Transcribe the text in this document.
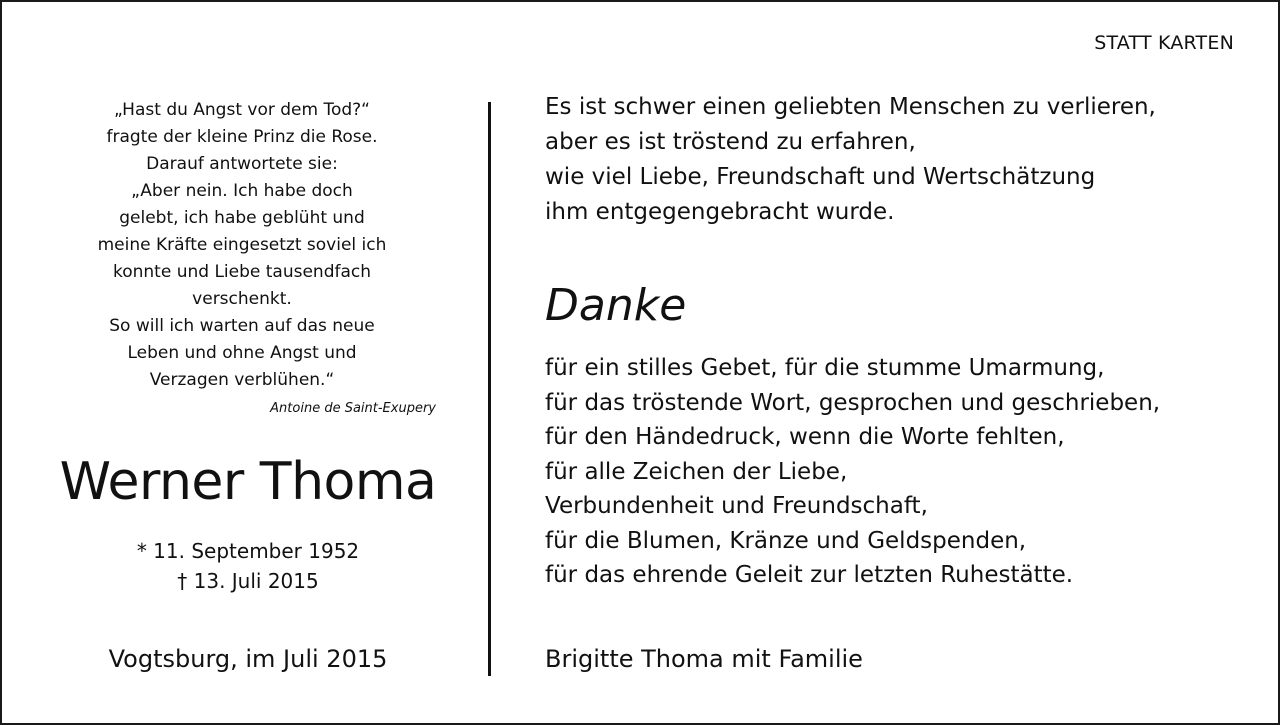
STATT KARTEN
„Hast du Angst vor dem Tod?“
fragte der kleine Prinz die Rose.
Darauf antwortete sie:
„Aber nein. Ich habe doch
gelebt, ich habe geblüht und
meine Kräfte eingesetzt soviel ich
konnte und Liebe tausendfach
verschenkt.
So will ich warten auf das neue
Leben und ohne Angst und
Verzagen verblühen.“
Antoine de Saint-Exupery
Werner Thoma
* 11. September 1952
† 13. Juli 2015
Vogtsburg, im Juli 2015
Es ist schwer einen geliebten Menschen zu verlieren,
aber es ist tröstend zu erfahren,
wie viel Liebe, Freundschaft und Wertschätzung
ihm entgegengebracht wurde.
Danke
für ein stilles Gebet, für die stumme Umarmung,
für das tröstende Wort, gesprochen und geschrieben,
für den Händedruck, wenn die Worte fehlten,
für alle Zeichen der Liebe,
Verbundenheit und Freundschaft,
für die Blumen, Kränze und Geldspenden,
für das ehrende Geleit zur letzten Ruhestätte.
Brigitte Thoma mit Familie
